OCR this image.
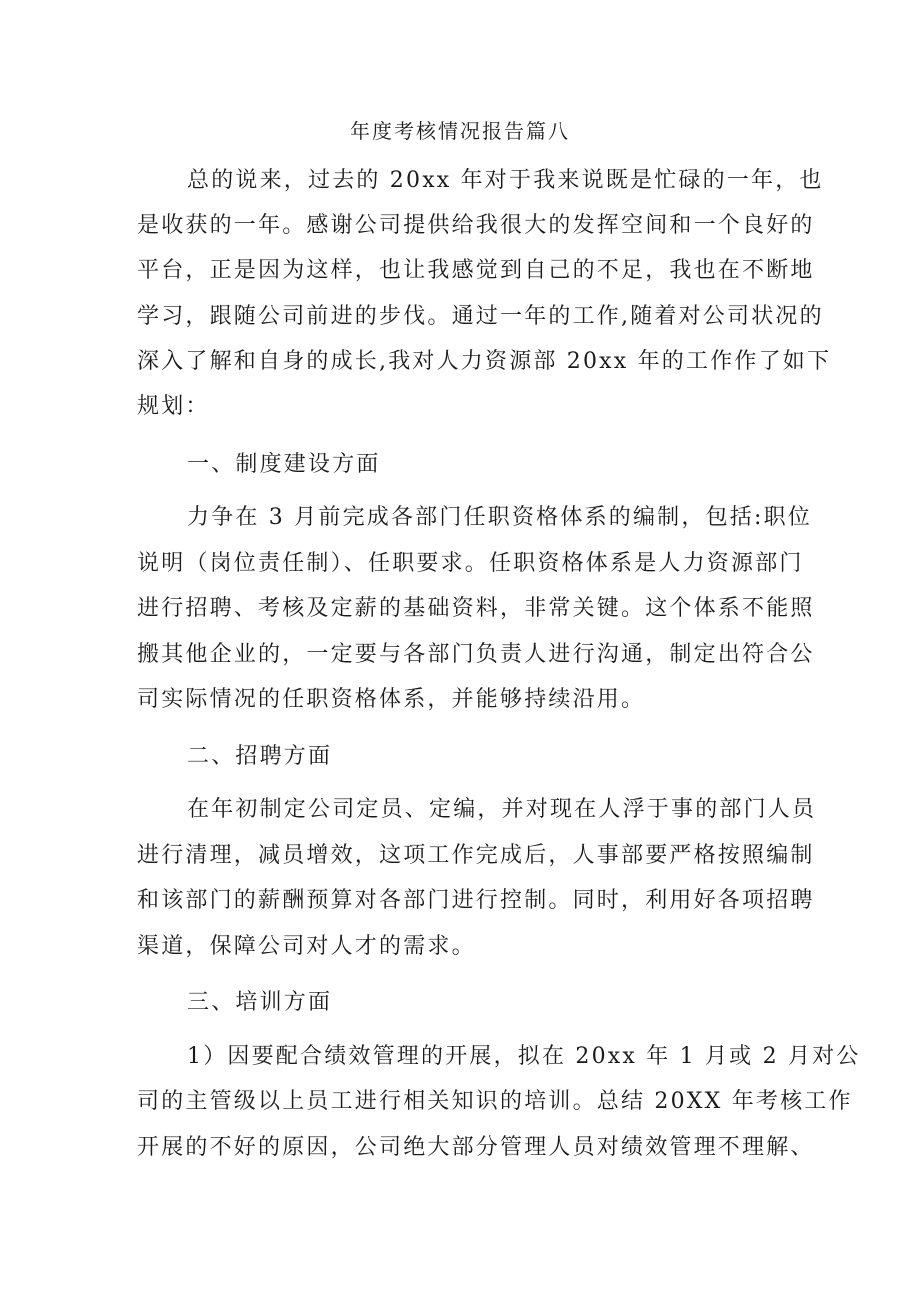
年度考核情况报告篇八
总的说来，过去的 20xx 年对于我来说既是忙碌的一年，也
是收获的一年。感谢公司提供给我很大的发挥空间和一个良好的
平台，正是因为这样，也让我感觉到自己的不足，我也在不断地
学习，跟随公司前进的步伐。通过一年的工作,随着对公司状况的
深入了解和自身的成长,我对人力资源部 20xx 年的工作作了如下
规划：
一、制度建设方面
力争在 3 月前完成各部门任职资格体系的编制，包括:职位
说明（岗位责任制）、任职要求。任职资格体系是人力资源部门
进行招聘、考核及定薪的基础资料，非常关键。这个体系不能照
搬其他企业的，一定要与各部门负责人进行沟通，制定出符合公
司实际情况的任职资格体系，并能够持续沿用。
二、招聘方面
在年初制定公司定员、定编，并对现在人浮于事的部门人员
进行清理，减员增效，这项工作完成后，人事部要严格按照编制
和该部门的薪酬预算对各部门进行控制。同时，利用好各项招聘
渠道，保障公司对人才的需求。
三、培训方面
1）因要配合绩效管理的开展，拟在 20xx 年 1 月或 2 月对公
司的主管级以上员工进行相关知识的培训。总结 20XX 年考核工作
开展的不好的原因，公司绝大部分管理人员对绩效管理不理解、
